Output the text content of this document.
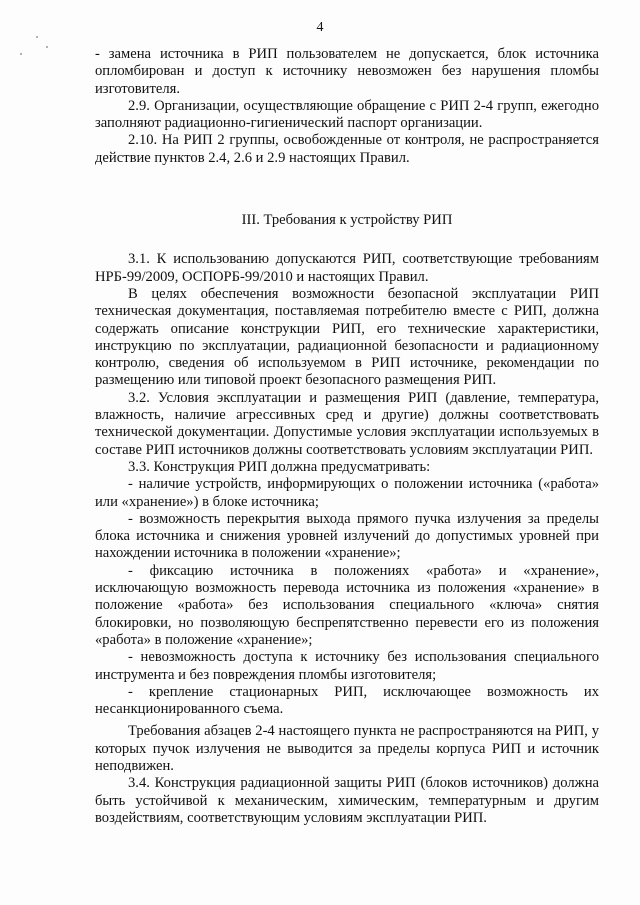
4

- замена источника в РИП пользователем не допускается, блок источника опломбирован и доступ к источнику невозможен без нарушения пломбы изготовителя.

2.9. Организации, осуществляющие обращение с РИП 2-4 групп, ежегодно заполняют радиационно-гигиенический паспорт организации.

2.10. На РИП 2 группы, освобожденные от контроля, не распространяется действие пунктов 2.4, 2.6 и 2.9 настоящих Правил.

III. Требования к устройству РИП

3.1. К использованию допускаются РИП, соответствующие требованиям НРБ-99/2009, ОСПОРБ-99/2010 и настоящих Правил.

В целях обеспечения возможности безопасной эксплуатации РИП техническая документация, поставляемая потребителю вместе с РИП, должна содержать описание конструкции РИП, его технические характеристики, инструкцию по эксплуатации, радиационной безопасности и радиационному контролю, сведения об используемом в РИП источнике, рекомендации по размещению или типовой проект безопасного размещения РИП.

3.2. Условия эксплуатации и размещения РИП (давление, температура, влажность, наличие агрессивных сред и другие) должны соответствовать технической документации. Допустимые условия эксплуатации используемых в составе РИП источников должны соответствовать условиям эксплуатации РИП.

3.3. Конструкция РИП должна предусматривать:

- наличие устройств, информирующих о положении источника («работа» или «хранение») в блоке источника;

- возможность перекрытия выхода прямого пучка излучения за пределы блока источника и снижения уровней излучений до допустимых уровней при нахождении источника в положении «хранение»;

- фиксацию источника в положениях «работа» и «хранение», исключающую возможность перевода источника из положения «хранение» в положение «работа» без использования специального «ключа» снятия блокировки, но позволяющую беспрепятственно перевести его из положения «работа» в положение «хранение»;

- невозможность доступа к источнику без использования специального инструмента и без повреждения пломбы изготовителя;

- крепление стационарных РИП, исключающее возможность их несанкционированного съема.

Требования абзацев 2-4 настоящего пункта не распространяются на РИП, у которых пучок излучения не выводится за пределы корпуса РИП и источник неподвижен.

3.4. Конструкция радиационной защиты РИП (блоков источников) должна быть устойчивой к механическим, химическим, температурным и другим воздействиям, соответствующим условиям эксплуатации РИП.
